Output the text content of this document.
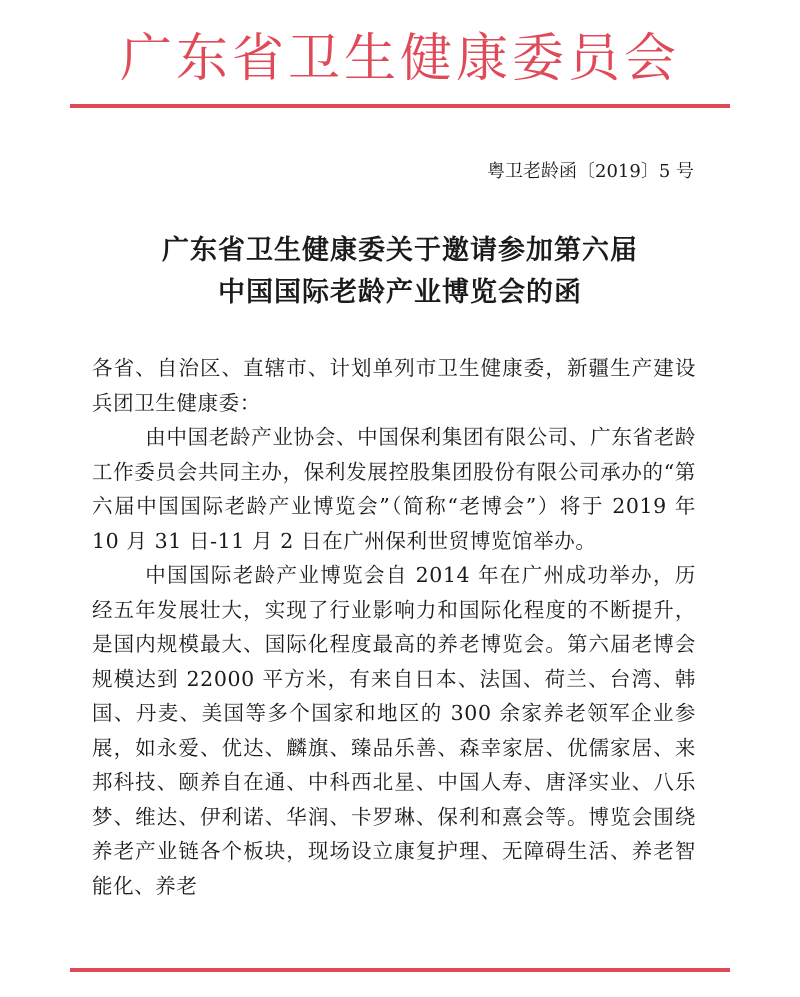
广东省卫生健康委员会
粤卫老龄函〔2019〕5 号
广东省卫生健康委关于邀请参加第六届
中国国际老龄产业博览会的函

各省、自治区、直辖市、计划单列市卫生健康委，新疆生产建设兵团卫生健康委：

由中国老龄产业协会、中国保利集团有限公司、广东省老龄工作委员会共同主办，保利发展控股集团股份有限公司承办的“第六届中国国际老龄产业博览会”（简称“老博会”）将于 2019 年 10 月 31 日-11 月 2 日在广州保利世贸博览馆举办。

中国国际老龄产业博览会自 2014 年在广州成功举办，历经五年发展壮大，实现了行业影响力和国际化程度的不断提升，是国内规模最大、国际化程度最高的养老博览会。第六届老博会规模达到 22000 平方米，有来自日本、法国、荷兰、台湾、韩国、丹麦、美国等多个国家和地区的 300 余家养老领军企业参展，如永爱、优达、麟旗、臻品乐善、森幸家居、优儒家居、来邦科技、颐养自在通、中科西北星、中国人寿、唐泽实业、八乐梦、维达、伊利诺、华润、卡罗琳、保利和熹会等。博览会围绕养老产业链各个板块，现场设立康复护理、无障碍生活、养老智能化、养老
